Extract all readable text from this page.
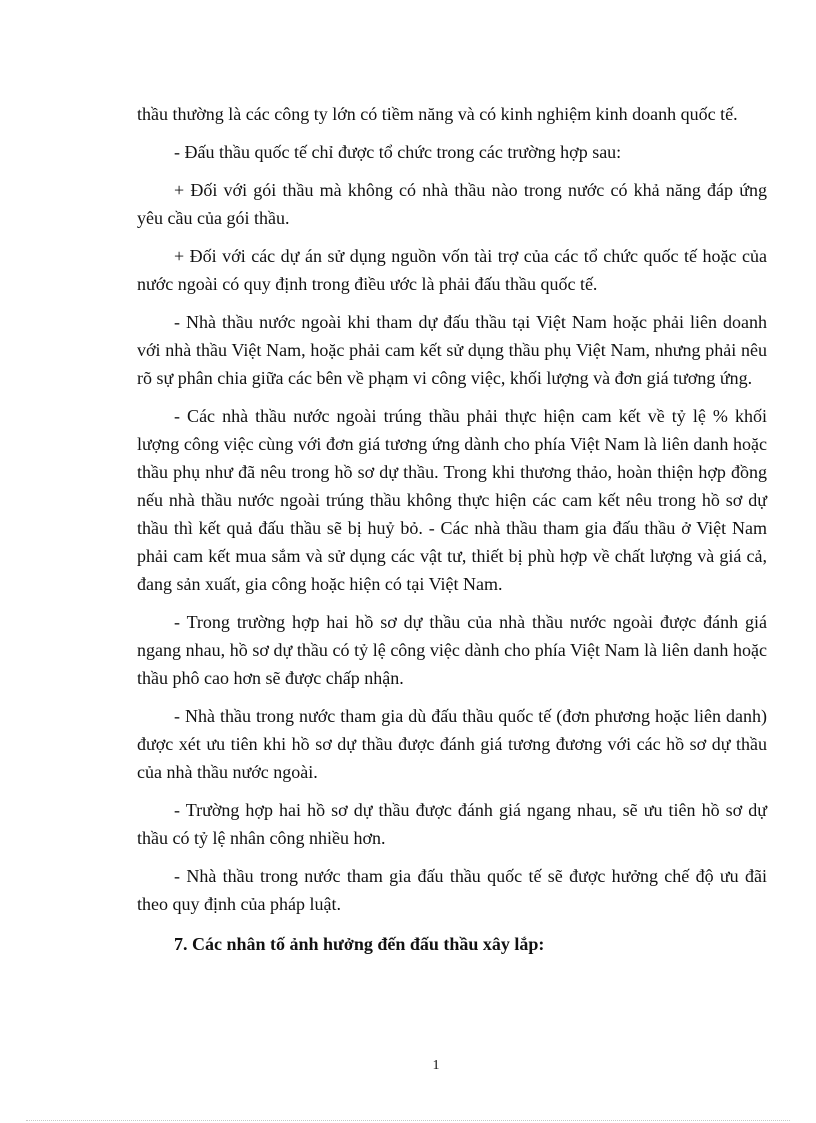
thầu thường là các công ty lớn có tiềm năng và có kinh nghiệm kinh doanh quốc tế.

- Đấu thầu quốc tế chỉ được tổ chức trong các trường hợp sau:

+ Đối với gói thầu mà không có nhà thầu nào trong nước có khả năng đáp ứng yêu cầu của gói thầu.

+ Đối với các dự án sử dụng nguồn vốn tài trợ của các tổ chức quốc tế hoặc của nước ngoài có quy định trong điều ước là phải đấu thầu quốc tế.

- Nhà thầu nước ngoài khi tham dự đấu thầu tại Việt Nam hoặc phải liên doanh với nhà thầu Việt Nam, hoặc phải cam kết sử dụng thầu phụ Việt Nam, nhưng phải nêu rõ sự phân chia giữa các bên về phạm vi công việc, khối lượng và đơn giá tương ứng.

- Các nhà thầu nước ngoài trúng thầu phải thực hiện cam kết về tỷ lệ % khối lượng công việc cùng với đơn giá tương ứng dành cho phía Việt Nam là liên danh hoặc thầu phụ như đã nêu trong hồ sơ dự thầu. Trong khi thương thảo, hoàn thiện hợp đồng nếu nhà thầu nước ngoài trúng thầu không thực hiện các cam kết nêu trong hồ sơ dự thầu thì kết quả đấu thầu sẽ bị huỷ bỏ. - Các nhà thầu tham gia đấu thầu ở Việt Nam phải cam kết mua sắm và sử dụng các vật tư, thiết bị phù hợp về chất lượng và giá cả, đang sản xuất, gia công hoặc hiện có tại Việt Nam.

- Trong trường hợp hai hồ sơ dự thầu của nhà thầu nước ngoài được đánh giá ngang nhau, hồ sơ dự thầu có tỷ lệ công việc dành cho phía Việt Nam là liên danh hoặc thầu phô cao hơn sẽ được chấp nhận.

- Nhà thầu trong nước tham gia dù đấu thầu quốc tế (đơn phương hoặc liên danh) được xét ưu tiên khi hồ sơ dự thầu được đánh giá tương đương với các hồ sơ dự thầu của nhà thầu nước ngoài.

- Trường hợp hai hồ sơ dự thầu được đánh giá ngang nhau, sẽ ưu tiên hồ sơ dự thầu có tỷ lệ nhân công nhiều hơn.

- Nhà thầu trong nước tham gia đấu thầu quốc tế sẽ được hưởng chế độ ưu đãi theo quy định của pháp luật.

7. Các nhân tố ảnh hưởng đến đấu thầu xây lắp:

1
